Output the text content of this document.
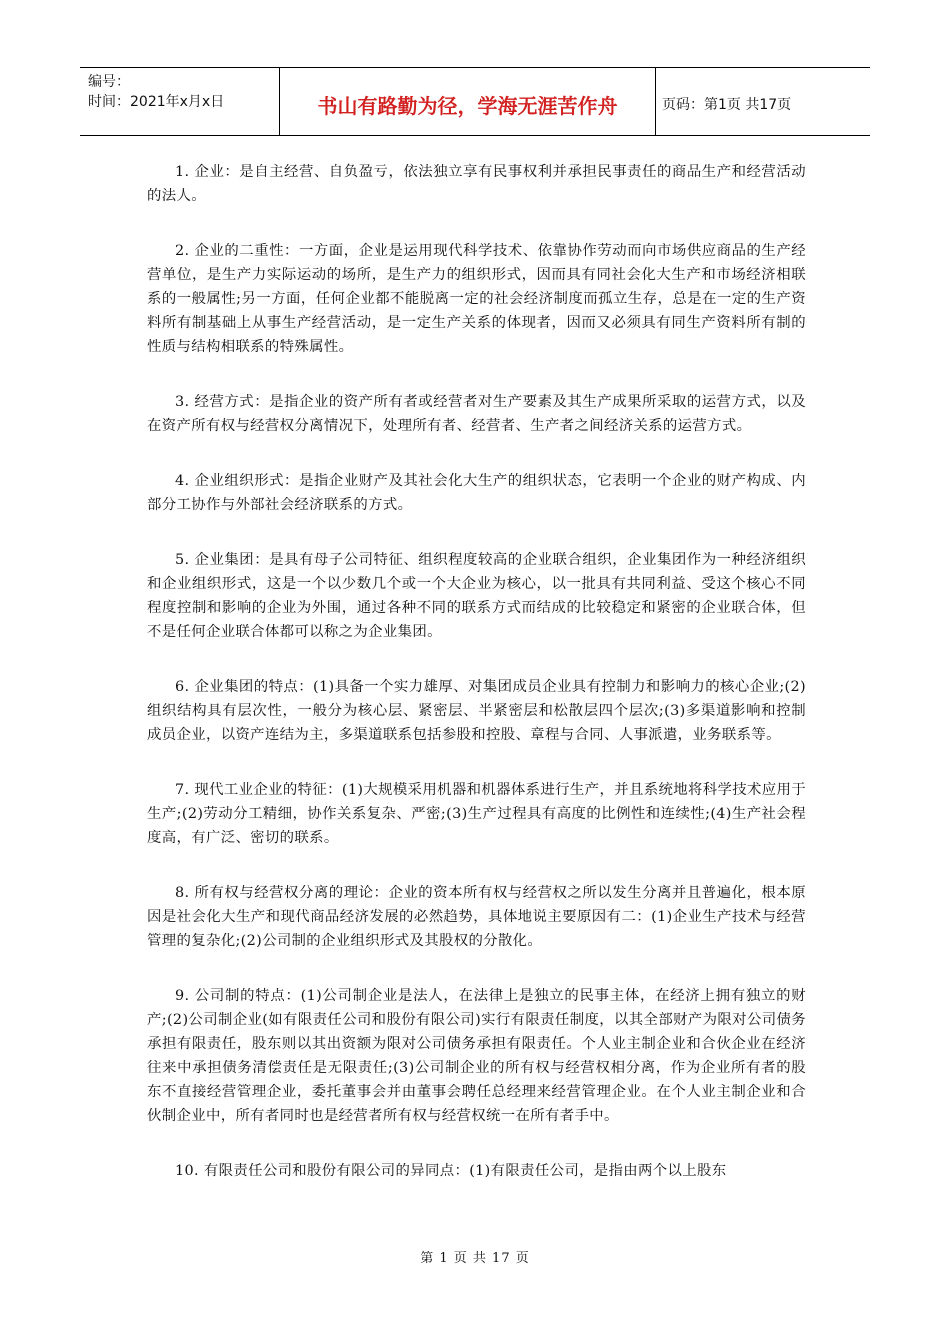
编号：
时间：2021年x月x日	书山有路勤为径，学海无涯苦作舟	页码：第1页 共17页

1. 企业：是自主经营、自负盈亏，依法独立享有民事权利并承担民事责任的商品生产和经营活动的法人。

2. 企业的二重性：一方面，企业是运用现代科学技术、依靠协作劳动而向市场供应商品的生产经营单位，是生产力实际运动的场所，是生产力的组织形式，因而具有同社会化大生产和市场经济相联系的一般属性;另一方面，任何企业都不能脱离一定的社会经济制度而孤立生存，总是在一定的生产资料所有制基础上从事生产经营活动，是一定生产关系的体现者，因而又必须具有同生产资料所有制的性质与结构相联系的特殊属性。

3. 经营方式：是指企业的资产所有者或经营者对生产要素及其生产成果所采取的运营方式，以及在资产所有权与经营权分离情况下，处理所有者、经营者、生产者之间经济关系的运营方式。

4. 企业组织形式：是指企业财产及其社会化大生产的组织状态，它表明一个企业的财产构成、内部分工协作与外部社会经济联系的方式。

5. 企业集团：是具有母子公司特征、组织程度较高的企业联合组织，企业集团作为一种经济组织和企业组织形式，这是一个以少数几个或一个大企业为核心，以一批具有共同利益、受这个核心不同程度控制和影响的企业为外围，通过各种不同的联系方式而结成的比较稳定和紧密的企业联合体，但不是任何企业联合体都可以称之为企业集团。

6. 企业集团的特点：(1)具备一个实力雄厚、对集团成员企业具有控制力和影响力的核心企业;(2)组织结构具有层次性，一般分为核心层、紧密层、半紧密层和松散层四个层次;(3)多渠道影响和控制成员企业，以资产连结为主，多渠道联系包括参股和控股、章程与合同、人事派遣，业务联系等。

7. 现代工业企业的特征：(1)大规模采用机器和机器体系进行生产，并且系统地将科学技术应用于生产;(2)劳动分工精细，协作关系复杂、严密;(3)生产过程具有高度的比例性和连续性;(4)生产社会程度高，有广泛、密切的联系。

8. 所有权与经营权分离的理论：企业的资本所有权与经营权之所以发生分离并且普遍化，根本原因是社会化大生产和现代商品经济发展的必然趋势，具体地说主要原因有二：(1)企业生产技术与经营管理的复杂化;(2)公司制的企业组织形式及其股权的分散化。

9. 公司制的特点：(1)公司制企业是法人，在法律上是独立的民事主体，在经济上拥有独立的财产;(2)公司制企业(如有限责任公司和股份有限公司)实行有限责任制度，以其全部财产为限对公司债务承担有限责任，股东则以其出资额为限对公司债务承担有限责任。个人业主制企业和合伙企业在经济往来中承担债务清偿责任是无限责任;(3)公司制企业的所有权与经营权相分离，作为企业所有者的股东不直接经营管理企业，委托董事会并由董事会聘任总经理来经营管理企业。在个人业主制企业和合伙制企业中，所有者同时也是经营者所有权与经营权统一在所有者手中。

10. 有限责任公司和股份有限公司的异同点：(1)有限责任公司，是指由两个以上股东

第 1 页 共 17 页
